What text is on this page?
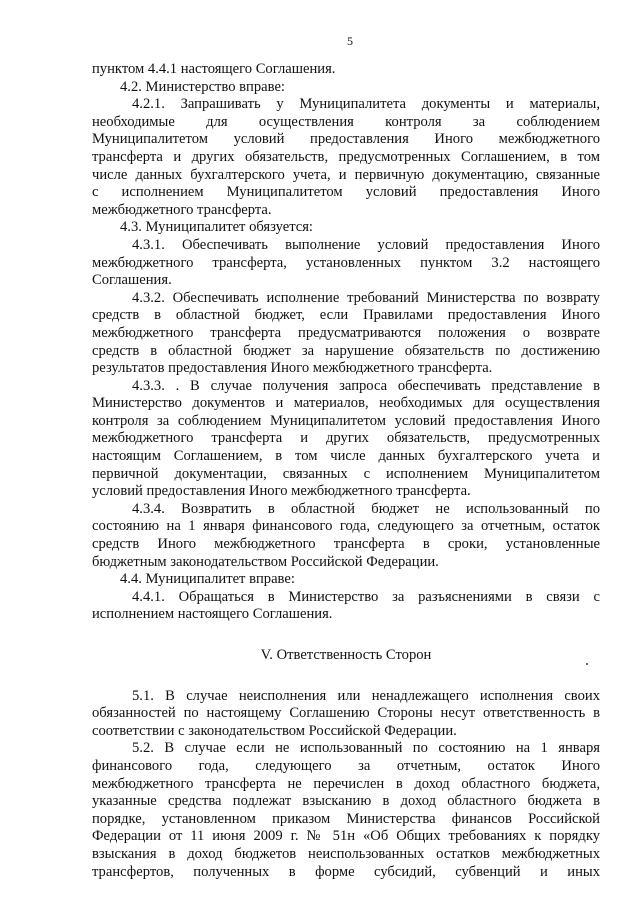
5
пунктом 4.4.1 настоящего Соглашения.
4.2. Министерство вправе:
4.2.1. Запрашивать у Муниципалитета документы и материалы,
необходимые для осуществления контроля за соблюдением
Муниципалитетом условий предоставления Иного межбюджетного
трансферта и других обязательств, предусмотренных Соглашением, в том
числе данных бухгалтерского учета, и первичную документацию, связанные
с исполнением Муниципалитетом условий предоставления Иного
межбюджетного трансферта.
4.3. Муниципалитет обязуется:
4.3.1. Обеспечивать выполнение условий предоставления Иного
межбюджетного трансферта, установленных пунктом 3.2 настоящего
Соглашения.
4.3.2. Обеспечивать исполнение требований Министерства по возврату
средств в областной бюджет, если Правилами предоставления Иного
межбюджетного трансферта предусматриваются положения о возврате
средств в областной бюджет за нарушение обязательств по достижению
результатов предоставления Иного межбюджетного трансферта.
4.3.3. . В случае получения запроса обеспечивать представление в
Министерство документов и материалов, необходимых для осуществления
контроля за соблюдением Муниципалитетом условий предоставления Иного
межбюджетного трансферта и других обязательств, предусмотренных
настоящим Соглашением, в том числе данных бухгалтерского учета и
первичной документации, связанных с исполнением Муниципалитетом
условий предоставления Иного межбюджетного трансферта.
4.3.4. Возвратить в областной бюджет не использованный по
состоянию на 1 января финансового года, следующего за отчетным, остаток
средств Иного межбюджетного трансферта в сроки, установленные
бюджетным законодательством Российской Федерации.
4.4. Муниципалитет вправе:
4.4.1. Обращаться в Министерство за разъяснениями в связи с
исполнением настоящего Соглашения.
V. Ответственность Сторон
5.1. В случае неисполнения или ненадлежащего исполнения своих
обязанностей по настоящему Соглашению Стороны несут ответственность в
соответствии с законодательством Российской Федерации.
5.2. В случае если не использованный по состоянию на 1 января
финансового года, следующего за отчетным, остаток Иного
межбюджетного трансферта не перечислен в доход областного бюджета,
указанные средства подлежат взысканию в доход областного бюджета в
порядке, установленном приказом Министерства финансов Российской
Федерации от 11 июня 2009 г. № 51н «Об Общих требованиях к порядку
взыскания в доход бюджетов неиспользованных остатков межбюджетных
трансфертов, полученных в форме субсидий, субвенций и иных
